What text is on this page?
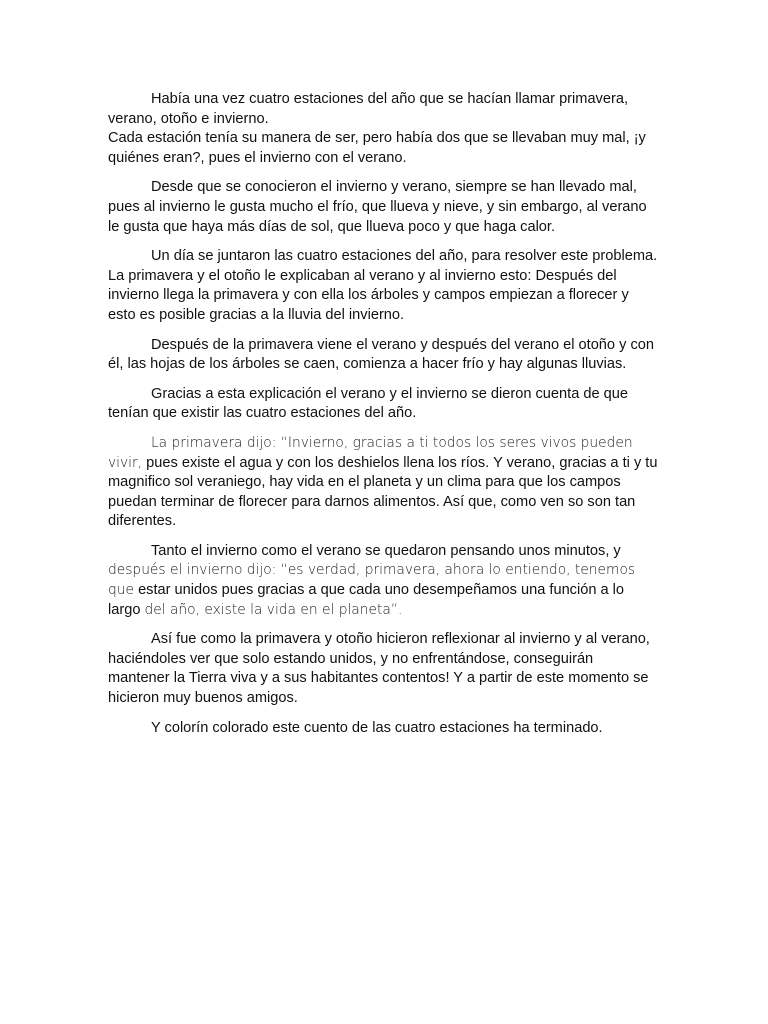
Había una vez cuatro estaciones del año que se hacían llamar primavera, verano, otoño e invierno.
Cada estación tenía su manera de ser, pero había dos que se llevaban muy mal, ¡y quiénes eran?, pues el invierno con el verano.

Desde que se conocieron el invierno y verano, siempre se han llevado mal, pues al invierno le gusta mucho el frío, que llueva y nieve, y sin embargo, al verano le gusta que haya más días de sol, que llueva poco y que haga calor.

Un día se juntaron las cuatro estaciones del año, para resolver este problema. La primavera y el otoño le explicaban al verano y al invierno esto: Después del invierno llega la primavera y con ella los árboles y campos empiezan a florecer y esto es posible gracias a la lluvia del invierno.

Después de la primavera viene el verano y después del verano el otoño y con él, las hojas de los árboles se caen, comienza a hacer frío y hay algunas lluvias.

Gracias a esta explicación el verano y el invierno se dieron cuenta de que tenían que existir las cuatro estaciones del año.

La primavera dijo: “Invierno, gracias a ti todos los seres vivos pueden vivir, pues existe el agua y con los deshielos llena los ríos. Y verano, gracias a ti y tu magnifico sol veraniego, hay vida en el planeta y un clima para que los campos puedan terminar de florecer para darnos alimentos. Así que, como ven so son tan diferentes.

Tanto el invierno como el verano se quedaron pensando unos minutos, y después el invierno dijo: “es verdad, primavera, ahora lo entiendo, tenemos que estar unidos pues gracias a que cada uno desempeñamos una función a lo largo del año, existe la vida en el planeta”.

Así fue como la primavera y otoño hicieron reflexionar al invierno y al verano, haciéndoles ver que solo estando unidos, y no enfrentándose, conseguirán mantener la Tierra viva y a sus habitantes contentos! Y a partir de este momento se hicieron muy buenos amigos.

Y colorín colorado este cuento de las cuatro estaciones ha terminado.
